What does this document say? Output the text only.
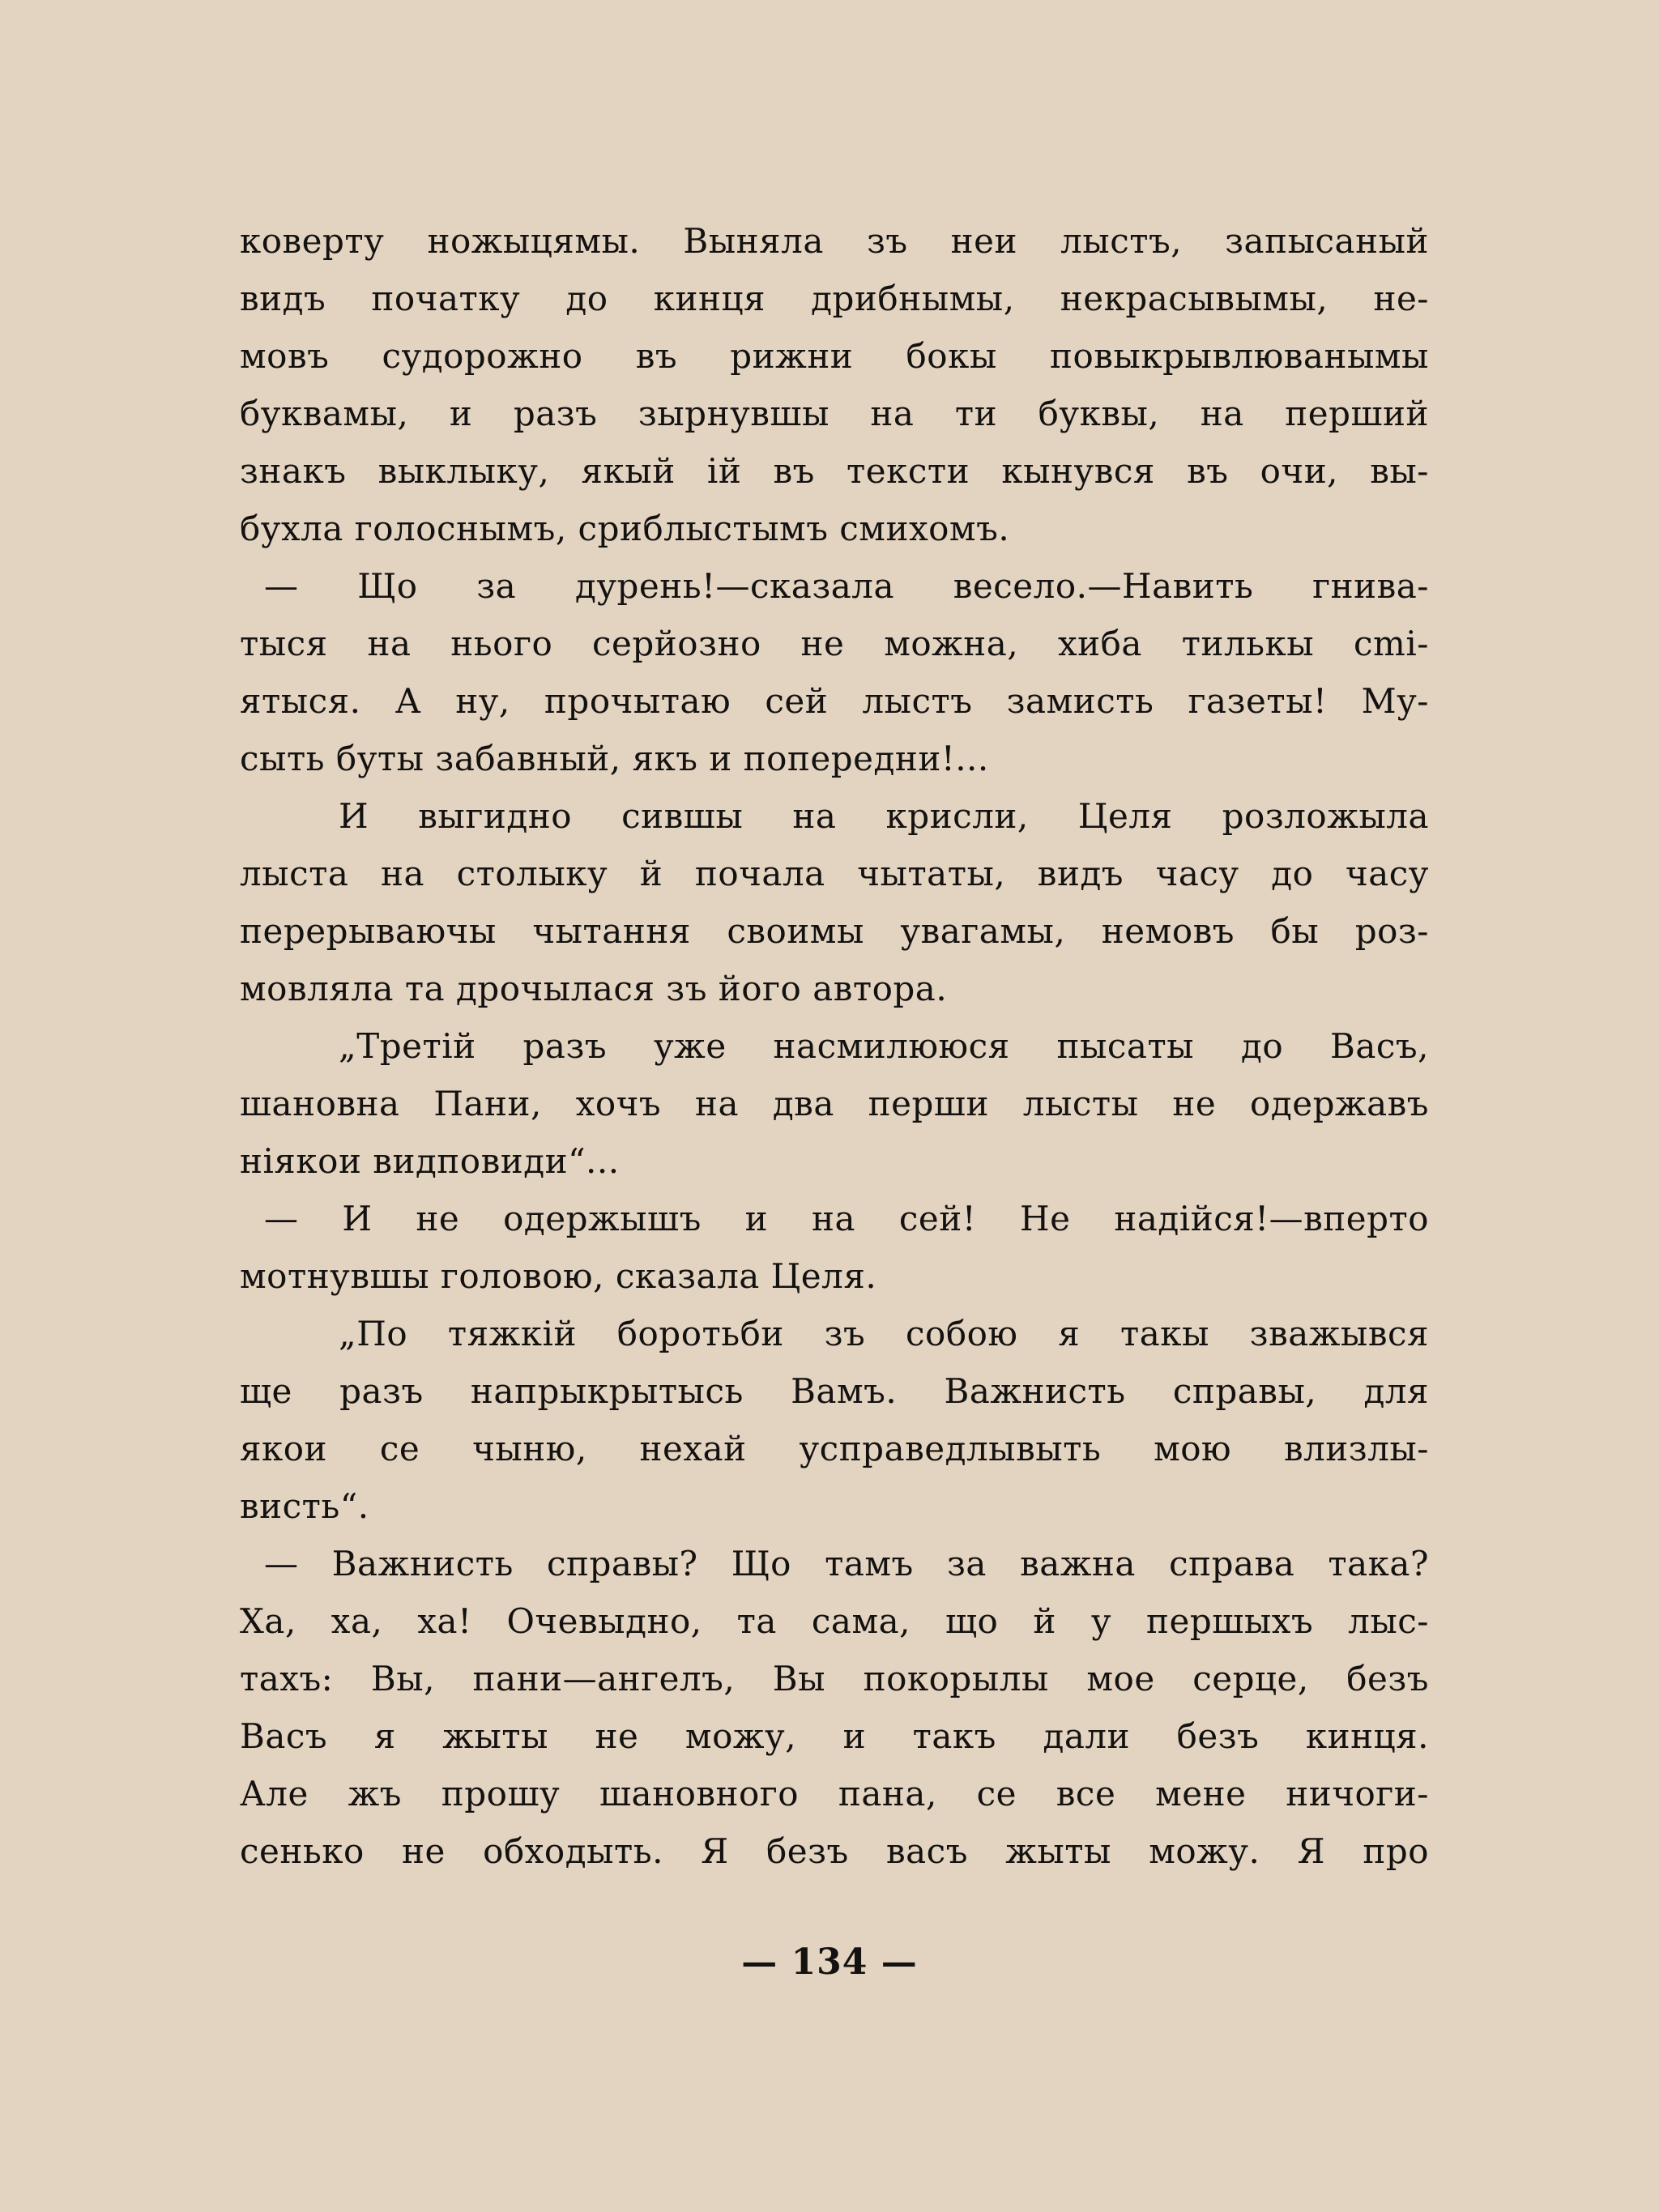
коверту ножыцямы. Выняла зъ неи лыстъ, запысаный
видъ початку до кинця дрибнымы, некрасывымы, не-
мовъ судорожно въ рижни бокы повыкрывлюванымы
буквамы, и разъ зырнувшы на ти буквы, на перший
знакъ выклыку, якый ій въ тексти кынувся въ очи, вы-
бухла голоснымъ, сриблыстымъ смихомъ.
— Що за дурень!—сказала весело.—Навить гнива-
тыся на нього серйозно не можна, хиба тилькы сmі-
ятыся. А ну, прочытаю сей лыстъ замисть газеты! Му-
сыть буты забавный, якъ и попередни!...
И выгидно сившы на крисли, Целя розложыла
лыста на столыку й почала чытаты, видъ часу до часу
перерываючы чытання своимы увагамы, немовъ бы роз-
мовляла та дрочылася зъ його автора.
„Третій разъ уже насмилююся пысаты до Васъ,
шановна Пани, хочъ на два перши лысты не одержавъ
ніякои видповиди“...
— И не одержышъ и на сей! Не надійся!—вперто
мотнувшы головою, сказала Целя.
„По тяжкій боротьби зъ собою я такы зважывся
ще разъ напрыкрытысь Вамъ. Важнисть справы, для
якои се чыню, нехай усправедлывыть мою влизлы-
висть“.
— Важнисть справы? Що тамъ за важна справа така?
Ха, ха, ха! Очевыдно, та сама, що й у першыхъ лыс-
тахъ: Вы, пани—ангелъ, Вы покорылы мое серце, безъ
Васъ я жыты не можу, и такъ дали безъ кинця.
Але жъ прошу шановного пана, се все мене ничоги-
сенько не обходыть. Я безъ васъ жыты можу. Я про
— 134 —
